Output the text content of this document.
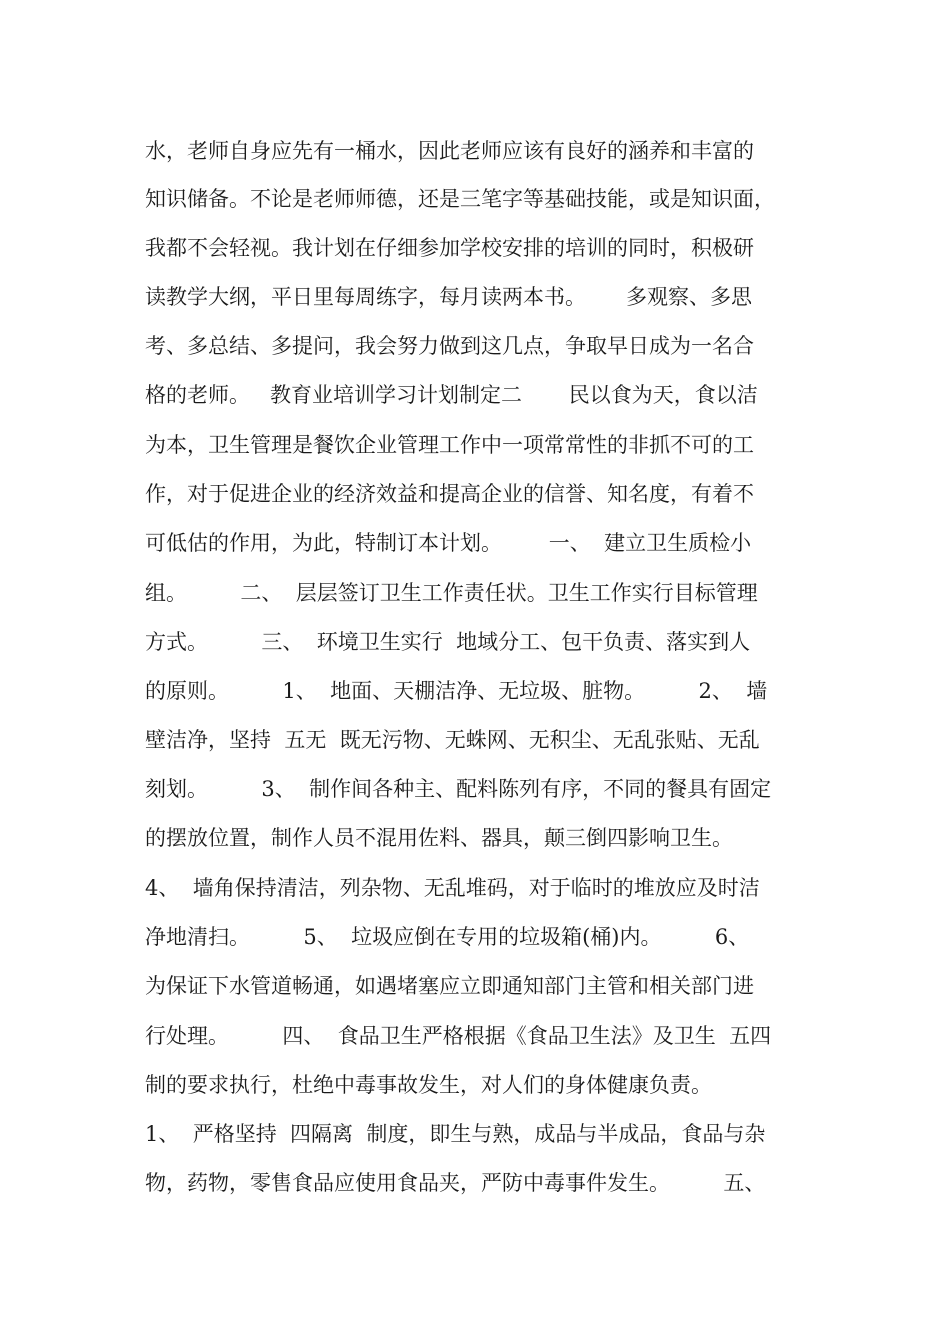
水，老师自身应先有一桶水，因此老师应该有良好的涵养和丰富的
知识储备。不论是老师师德，还是三笔字等基础技能，或是知识面，
我都不会轻视。我计划在仔细参加学校安排的培训的同时，积极研
读教学大纲，平日里每周练字，每月读两本书。      多观察、多思
考、多总结、多提问，我会努力做到这几点，争取早日成为一名合
格的老师。   教育业培训学习计划制定二       民以食为天，食以洁
为本，卫生管理是餐饮企业管理工作中一项常常性的非抓不可的工
作，对于促进企业的经济效益和提高企业的信誉、知名度，有着不
可低估的作用，为此，特制订本计划。       一、  建立卫生质检小
组。        二、  层层签订卫生工作责任状。卫生工作实行目标管理
方式。        三、  环境卫生实行  地域分工、包干负责、落实到人
的原则。        1、  地面、天棚洁净、无垃圾、脏物。        2、  墙
壁洁净，坚持  五无  既无污物、无蛛网、无积尘、无乱张贴、无乱
刻划。        3、  制作间各种主、配料陈列有序，不同的餐具有固定
的摆放位置，制作人员不混用佐料、器具，颠三倒四影响卫生。
4、  墙角保持清洁，列杂物、无乱堆码，对于临时的堆放应及时洁
净地清扫。        5、  垃圾应倒在专用的垃圾箱(桶)内。        6、
为保证下水管道畅通，如遇堵塞应立即通知部门主管和相关部门进
行处理。        四、  食品卫生严格根据《食品卫生法》及卫生  五四
制的要求执行，杜绝中毒事故发生，对人们的身体健康负责。
1、  严格坚持  四隔离  制度，即生与熟，成品与半成品，食品与杂
物，药物，零售食品应使用食品夹，严防中毒事件发生。        五、
